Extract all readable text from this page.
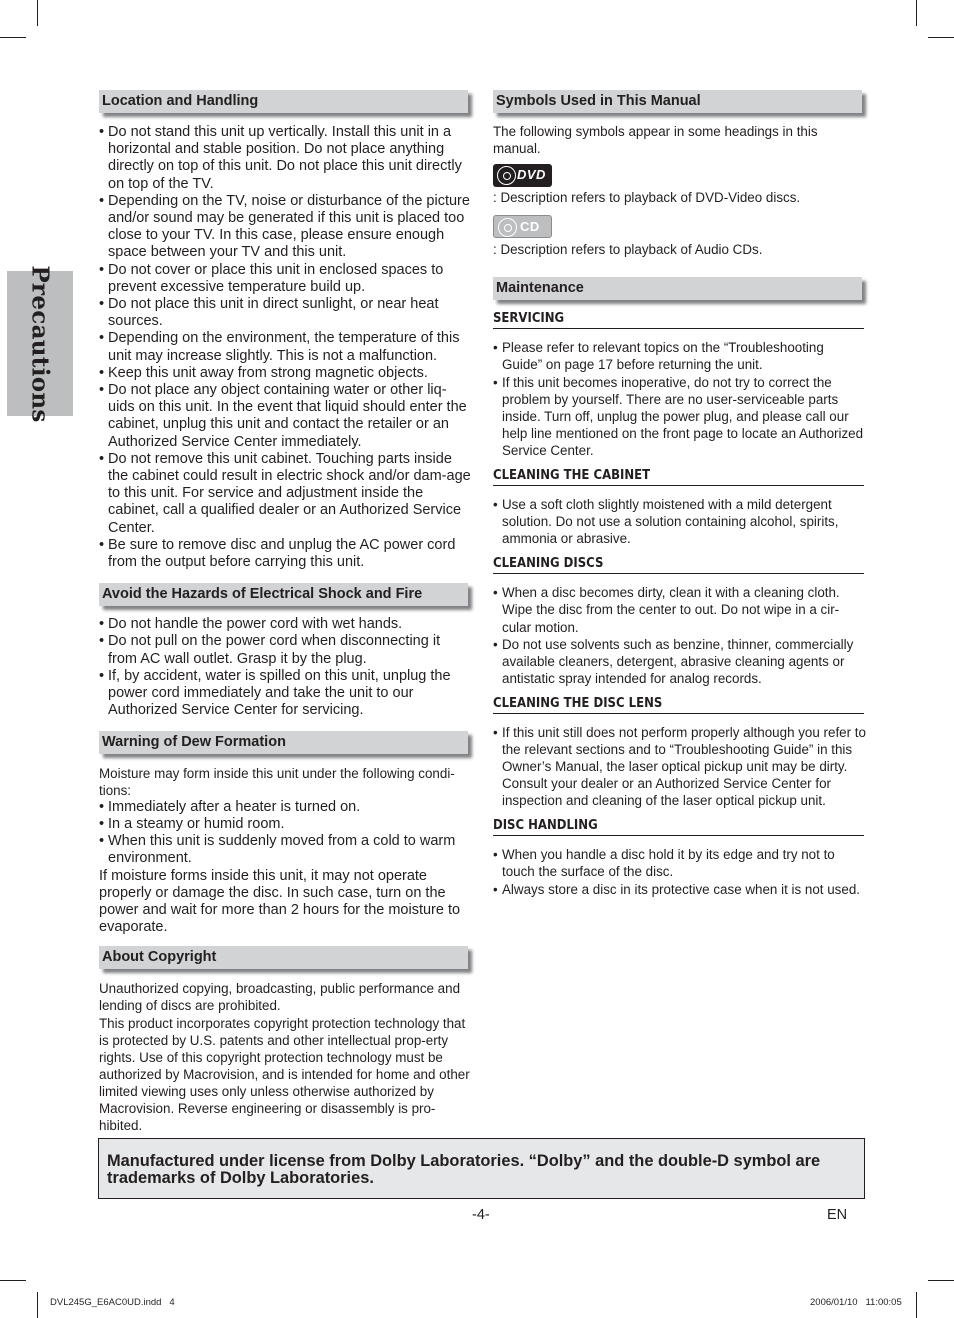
Precautions
Location and Handling
• Do not stand this unit up vertically. Install this unit in a horizontal and stable position. Do not place anything directly on top of this unit. Do not place this unit directly on top of the TV.
• Depending on the TV, noise or disturbance of the picture and/or sound may be generated if this unit is placed too close to your TV. In this case, please ensure enough space between your TV and this unit.
• Do not cover or place this unit in enclosed spaces to prevent excessive temperature build up.
• Do not place this unit in direct sunlight, or near heat sources.
• Depending on the environment, the temperature of this unit may increase slightly. This is not a malfunction.
• Keep this unit away from strong magnetic objects.
• Do not place any object containing water or other liq-uids on this unit. In the event that liquid should enter the cabinet, unplug this unit and contact the retailer or an Authorized Service Center immediately.
• Do not remove this unit cabinet. Touching parts inside the cabinet could result in electric shock and/or dam-age to this unit. For service and adjustment inside the cabinet, call a qualified dealer or an Authorized Service Center.
• Be sure to remove disc and unplug the AC power cord from the output before carrying this unit.
Avoid the Hazards of Electrical Shock and Fire
• Do not handle the power cord with wet hands.
• Do not pull on the power cord when disconnecting it from AC wall outlet. Grasp it by the plug.
• If, by accident, water is spilled on this unit, unplug the power cord immediately and take the unit to our Authorized Service Center for servicing.
Warning of Dew Formation

Moisture may form inside this unit under the following condi-tions:

• Immediately after a heater is turned on.
• In a steamy or humid room.
• When this unit is suddenly moved from a cold to warm environment.

If moisture forms inside this unit, it may not operate properly or damage the disc. In such case, turn on the power and wait for more than 2 hours for the moisture to evaporate.

About Copyright

Unauthorized copying, broadcasting, public performance and lending of discs are prohibited.

This product incorporates copyright protection technology that is protected by U.S. patents and other intellectual prop-erty rights. Use of this copyright protection technology must be authorized by Macrovision, and is intended for home and other limited viewing uses only unless otherwise authorized by Macrovision. Reverse engineering or disassembly is pro-hibited.

Symbols Used in This Manual

The following symbols appear in some headings in this manual.

DVD

: Description refers to playback of DVD-Video discs.

CD

: Description refers to playback of Audio CDs.

Maintenance
SERVICING
• Please refer to relevant topics on the “Troubleshooting Guide” on page 17 before returning the unit.
• If this unit becomes inoperative, do not try to correct the problem by yourself. There are no user-serviceable parts inside. Turn off, unplug the power plug, and please call our help line mentioned on the front page to locate an Authorized Service Center.
CLEANING THE CABINET
• Use a soft cloth slightly moistened with a mild detergent solution. Do not use a solution containing alcohol, spirits, ammonia or abrasive.
CLEANING DISCS
• When a disc becomes dirty, clean it with a cleaning cloth. Wipe the disc from the center to out. Do not wipe in a cir-cular motion.
• Do not use solvents such as benzine, thinner, commercially available cleaners, detergent, abrasive cleaning agents or antistatic spray intended for analog records.
CLEANING THE DISC LENS
• If this unit still does not perform properly although you refer to the relevant sections and to “Troubleshooting Guide” in this Owner’s Manual, the laser optical pickup unit may be dirty. Consult your dealer or an Authorized Service Center for inspection and cleaning of the laser optical pickup unit.
DISC HANDLING
• When you handle a disc hold it by its edge and try not to touch the surface of the disc.
• Always store a disc in its protective case when it is not used.
Manufactured under license from Dolby Laboratories. “Dolby” and the double-D symbol are trademarks of Dolby Laboratories.
-4-	EN
DVL245G_E6AC0UD.indd   4	2006/01/10   11:00:05
